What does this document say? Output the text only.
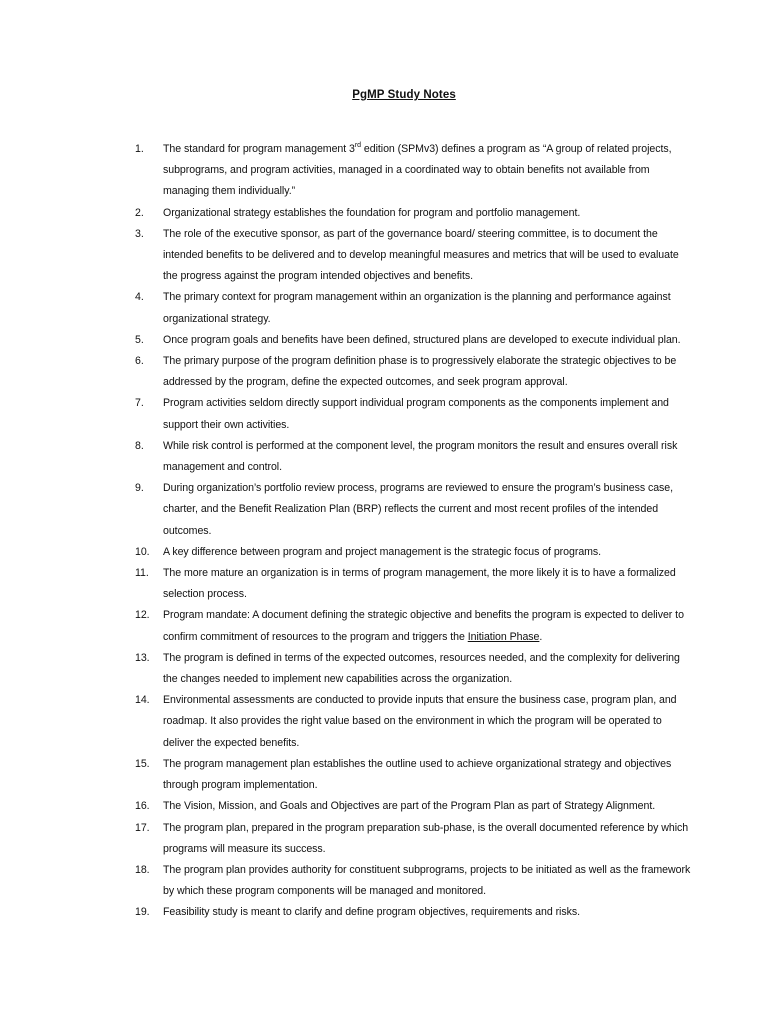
PgMP Study Notes
1.	The standard for program management 3rd edition (SPMv3) defines a program as “A group of related projects, subprograms, and program activities, managed in a coordinated way to obtain benefits not available from managing them individually.”
2.	Organizational strategy establishes the foundation for program and portfolio management.
3.	The role of the executive sponsor, as part of the governance board/ steering committee, is to document the intended benefits to be delivered and to develop meaningful measures and metrics that will be used to evaluate the progress against the program intended objectives and benefits.
4.	The primary context for program management within an organization is the planning and performance against organizational strategy.
5.	Once program goals and benefits have been defined, structured plans are developed to execute individual plan.
6.	The primary purpose of the program definition phase is to progressively elaborate the strategic objectives to be addressed by the program, define the expected outcomes, and seek program approval.
7.	Program activities seldom directly support individual program components as the components implement and support their own activities.
8.	While risk control is performed at the component level, the program monitors the result and ensures overall risk management and control.
9.	During organization’s portfolio review process, programs are reviewed to ensure the program’s business case, charter, and the Benefit Realization Plan (BRP) reflects the current and most recent profiles of the intended outcomes.
10.	A key difference between program and project management is the strategic focus of programs.
11.	The more mature an organization is in terms of program management, the more likely it is to have a formalized selection process.
12.	Program mandate: A document defining the strategic objective and benefits the program is expected to deliver to confirm commitment of resources to the program and triggers the Initiation Phase.
13.	The program is defined in terms of the expected outcomes, resources needed, and the complexity for delivering the changes needed to implement new capabilities across the organization.
14.	Environmental assessments are conducted to provide inputs that ensure the business case, program plan, and roadmap. It also provides the right value based on the environment in which the program will be operated to deliver the expected benefits.
15.	The program management plan establishes the outline used to achieve organizational strategy and objectives through program implementation.
16.	The Vision, Mission, and Goals and Objectives are part of the Program Plan as part of Strategy Alignment.
17.	The program plan, prepared in the program preparation sub-phase, is the overall documented reference by which programs will measure its success.
18.	The program plan provides authority for constituent subprograms, projects to be initiated as well as the framework by which these program components will be managed and monitored.
19.	Feasibility study is meant to clarify and define program objectives, requirements and risks.
